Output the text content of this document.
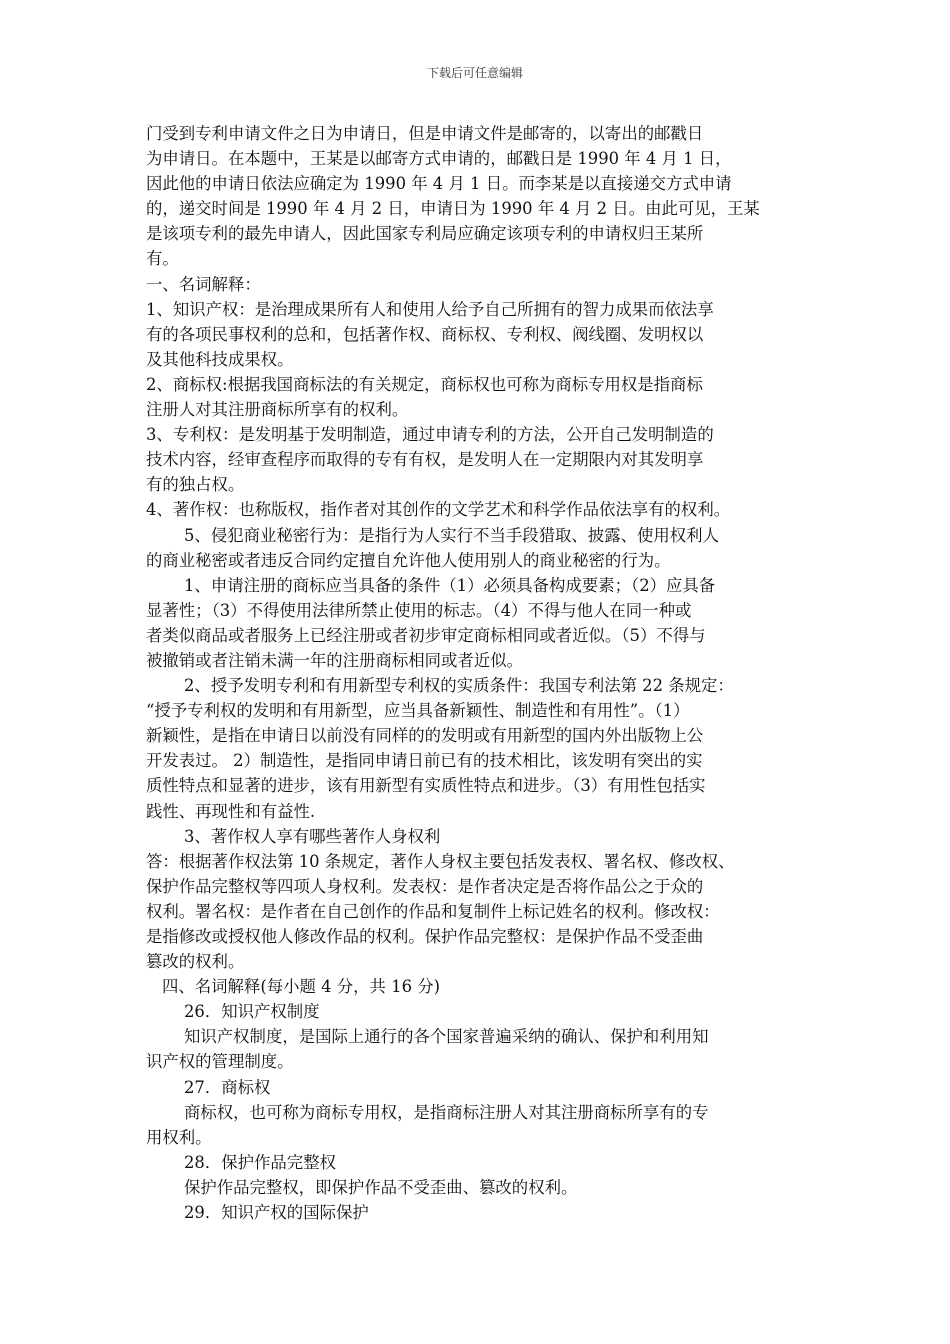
下载后可任意编辑
门受到专利申请文件之日为申请日，但是申请文件是邮寄的，以寄出的邮戳日
为申请日。在本题中，王某是以邮寄方式申请的，邮戳日是 1990 年 4 月 1 日，
因此他的申请日依法应确定为 1990 年 4 月 1 日。而李某是以直接递交方式申请
的，递交时间是 1990 年 4 月 2 日，申请日为 1990 年 4 月 2 日。由此可见，王某
是该项专利的最先申请人，因此国家专利局应确定该项专利的申请权归王某所
有。
一、名词解释：
1、知识产权：是治理成果所有人和使用人给予自己所拥有的智力成果而依法享
有的各项民事权利的总和，包括著作权、商标权、专利权、阀线圈、发明权以
及其他科技成果权。
2、商标权:根据我国商标法的有关规定，商标权也可称为商标专用权是指商标
注册人对其注册商标所享有的权利。
3、专利权：是发明基于发明制造，通过申请专利的方法，公开自己发明制造的
技术内容，经审查程序而取得的专有有权，是发明人在一定期限内对其发明享
有的独占权。
4、著作权：也称版权，指作者对其创作的文学艺术和科学作品依法享有的权利。
5、侵犯商业秘密行为：是指行为人实行不当手段猎取、披露、使用权利人
的商业秘密或者违反合同约定擅自允许他人使用别人的商业秘密的行为。
1、申请注册的商标应当具备的条件（1）必须具备构成要素；（2）应具备
显著性；（3）不得使用法律所禁止使用的标志。（4）不得与他人在同一种或
者类似商品或者服务上已经注册或者初步审定商标相同或者近似。（5）不得与
被撤销或者注销未满一年的注册商标相同或者近似。
2、授予发明专利和有用新型专利权的实质条件：我国专利法第 22 条规定：
“授予专利权的发明和有用新型，应当具备新颖性、制造性和有用性”。（1）
新颖性，是指在申请日以前没有同样的的发明或有用新型的国内外出版物上公
开发表过。 2）制造性，是指同申请日前已有的技术相比，该发明有突出的实
质性特点和显著的进步，该有用新型有实质性特点和进步。（3）有用性包括实
践性、再现性和有益性.
3、著作权人享有哪些著作人身权利
答：根据著作权法第 10 条规定，著作人身权主要包括发表权、署名权、修改权、
保护作品完整权等四项人身权利。发表权：是作者决定是否将作品公之于众的
权利。署名权：是作者在自己创作的作品和复制件上标记姓名的权利。修改权：
是指修改或授权他人修改作品的权利。保护作品完整权：是保护作品不受歪曲
篡改的权利。
四、名词解释(每小题 4 分，共 16 分)
26．知识产权制度
知识产权制度，是国际上通行的各个国家普遍采纳的确认、保护和利用知
识产权的管理制度。
27．商标权
商标权，也可称为商标专用权，是指商标注册人对其注册商标所享有的专
用权利。
28．保护作品完整权
保护作品完整权，即保护作品不受歪曲、篡改的权利。
29．知识产权的国际保护
